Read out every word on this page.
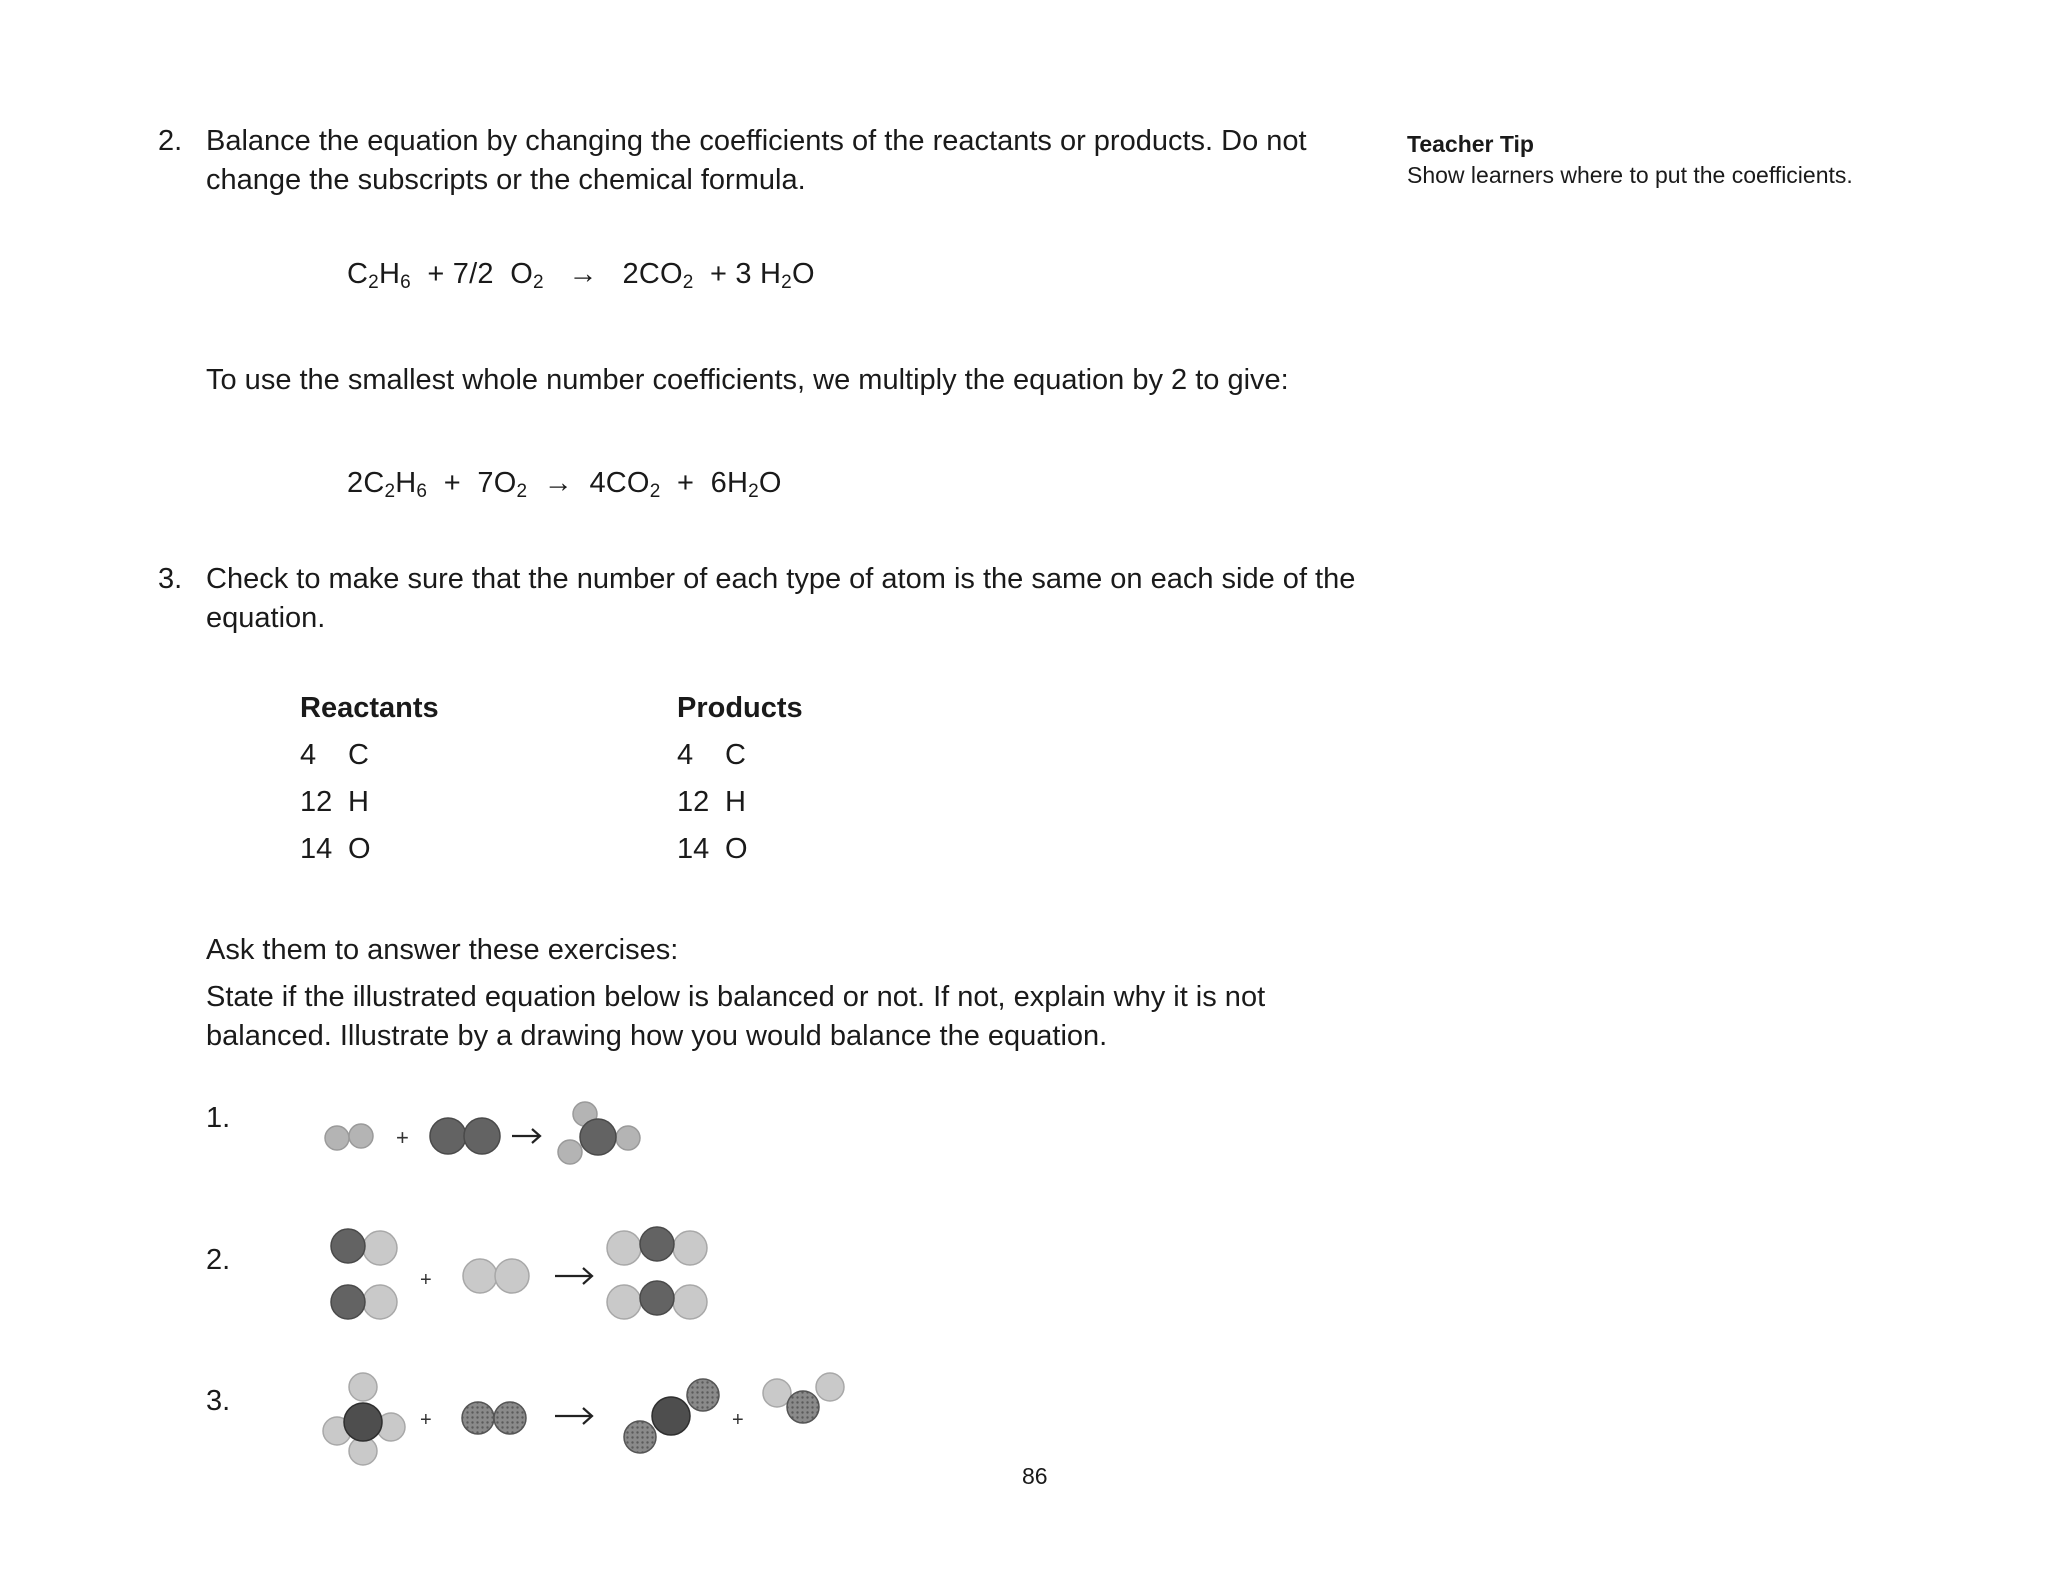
2. Balance the equation by changing the coefficients of the reactants or products. Do not
change the subscripts or the chemical formula.
$C_2H_6 + 7/2$  $O_2 \to 2CO_2 + 3$ $H_2O$
To use the smallest whole number coefficients, we multiply the equation by 2 to give:
$2C_2H_6 + 7O_2 \to 4CO_2 + 6H_2O$
3. Check to make sure that the number of each type of atom is the same on each side of the
equation.
Reactants	Products
4 C
12 H
14 O
4 C
12 H
14 O
Ask them to answer these exercises:
State if the illustrated equation below is balanced or not. If not, explain why it is not
balanced. Illustrate by a drawing how you would balance the equation.
1.
2.
3.
+
+
+	+
86
Teacher Tip
Show learners where to put the coefficients.
